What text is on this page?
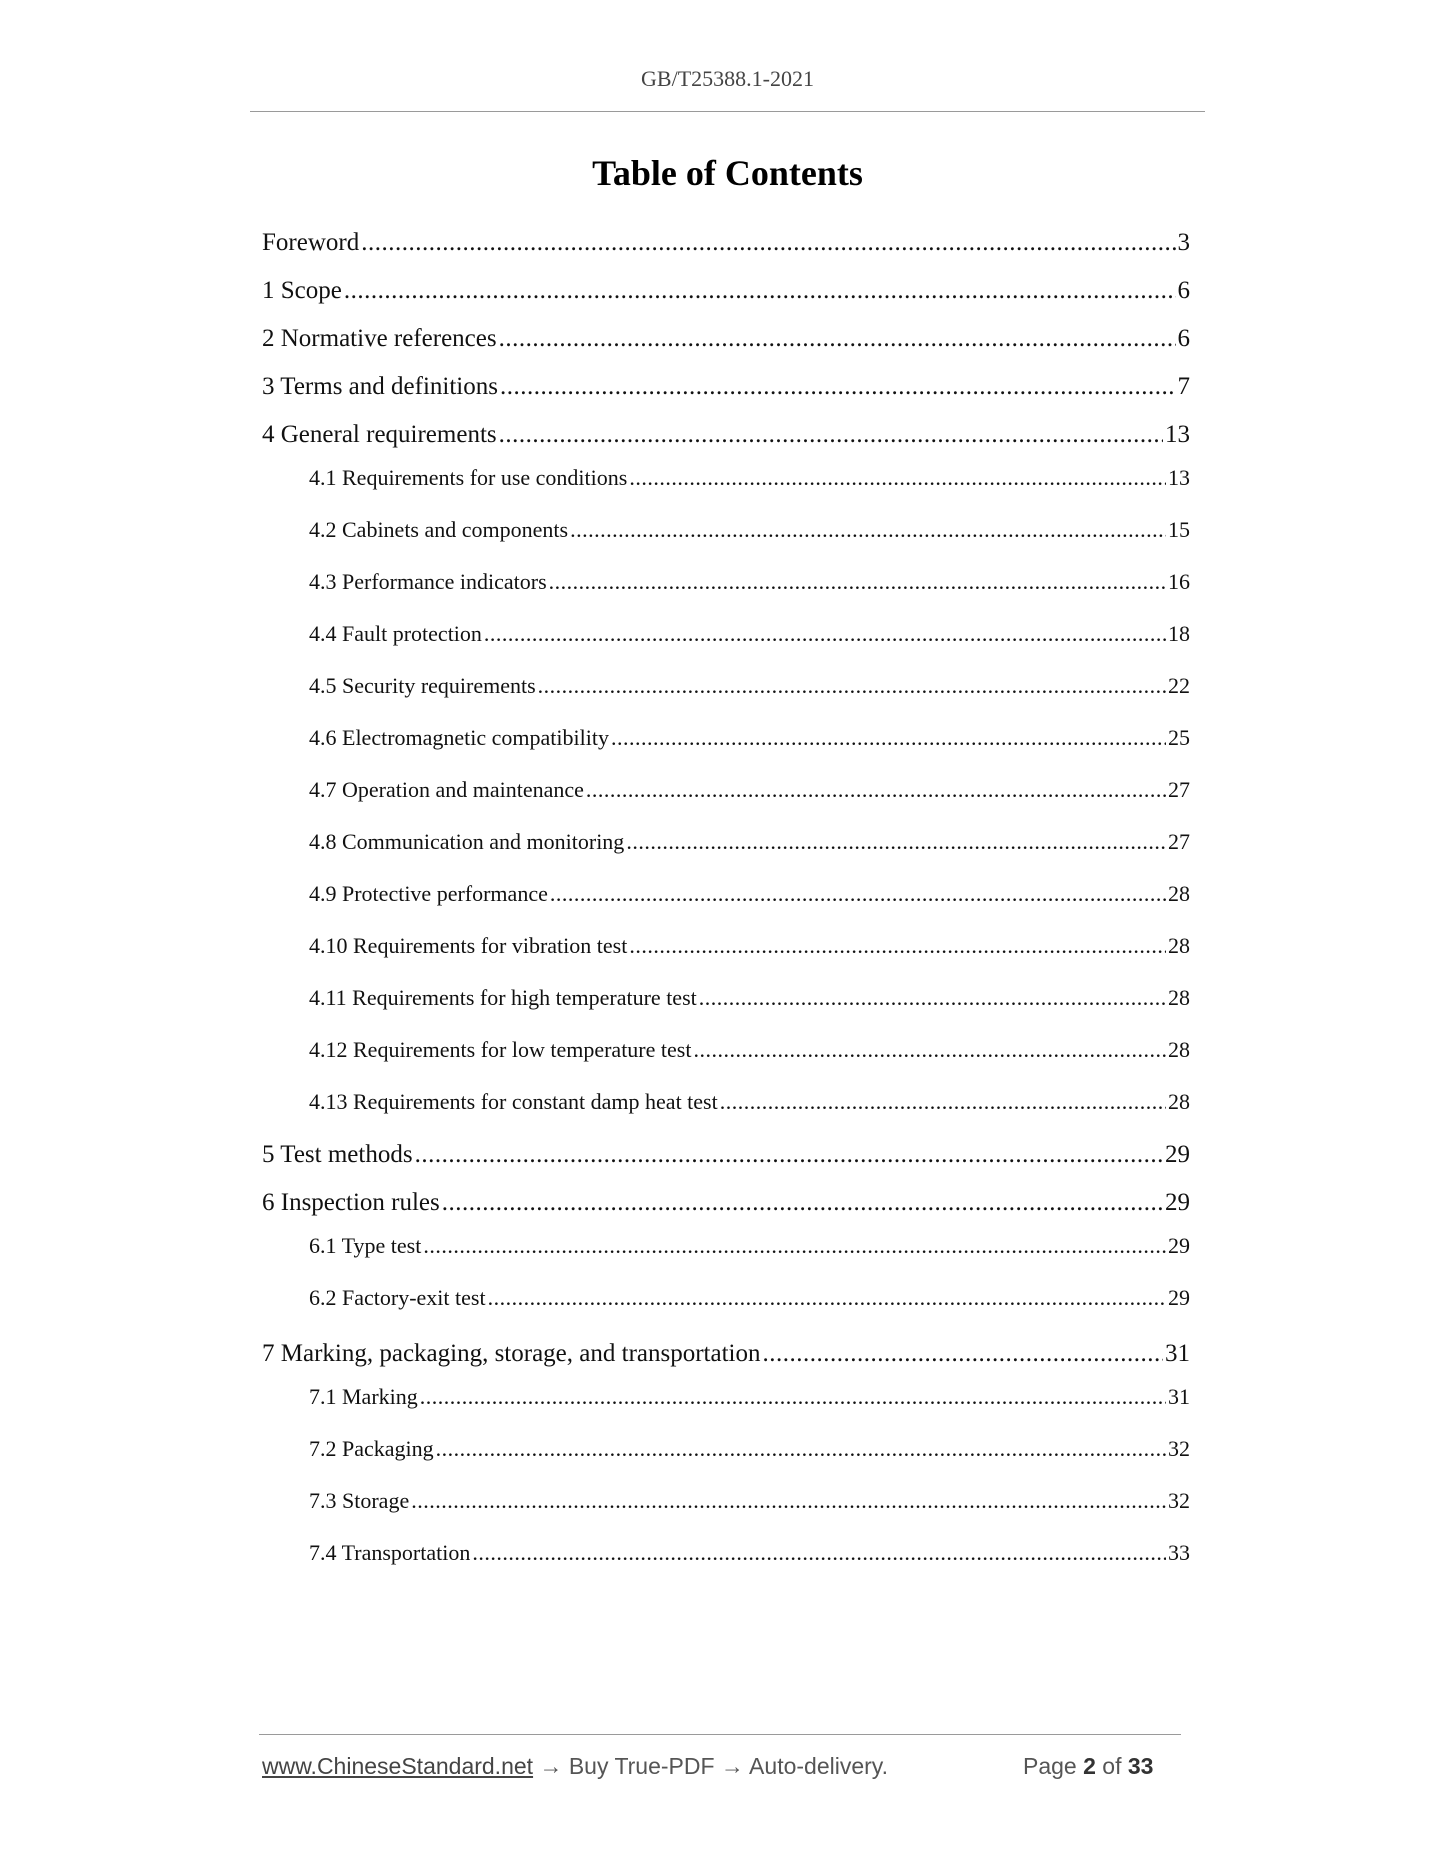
GB/T25388.1-2021
Table of Contents
Foreword .....	3
1 Scope .....	6
2 Normative references .....	6
3 Terms and definitions .....	7
4 General requirements .....	13
4.1 Requirements for use conditions .....	13
4.2 Cabinets and components .....	15
4.3 Performance indicators .....	16
4.4 Fault protection .....	18
4.5 Security requirements .....	22
4.6 Electromagnetic compatibility .....	25
4.7 Operation and maintenance .....	27
4.8 Communication and monitoring .....	27
4.9 Protective performance .....	28
4.10 Requirements for vibration test .....	28
4.11 Requirements for high temperature test .....	28
4.12 Requirements for low temperature test .....	28
4.13 Requirements for constant damp heat test .....	28
5 Test methods .....	29
6 Inspection rules .....	29
6.1 Type test .....	29
6.2 Factory-exit test .....	29
7 Marking, packaging, storage, and transportation .....	31
7.1 Marking .....	31
7.2 Packaging .....	32
7.3 Storage .....	32
7.4 Transportation .....	33
www.ChineseStandard.net → Buy True-PDF → Auto-delivery.	Page 2 of 33
